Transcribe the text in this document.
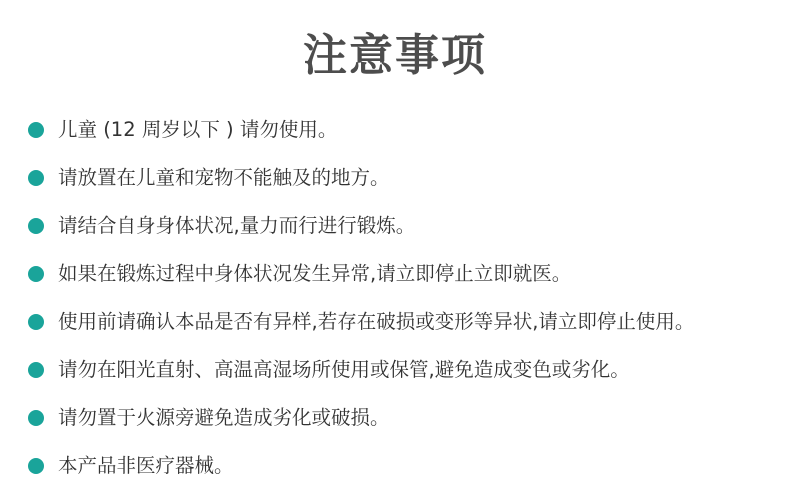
注意事项
儿童 (12 周岁以下 ) 请勿使用。
请放置在儿童和宠物不能触及的地方。
请结合自身身体状况,量力而行进行锻炼。
如果在锻炼过程中身体状况发生异常,请立即停止立即就医。
使用前请确认本品是否有异样,若存在破损或变形等异状,请立即停止使用。
请勿在阳光直射、高温高湿场所使用或保管,避免造成变色或劣化。
请勿置于火源旁避免造成劣化或破损。
本产品非医疗器械。
